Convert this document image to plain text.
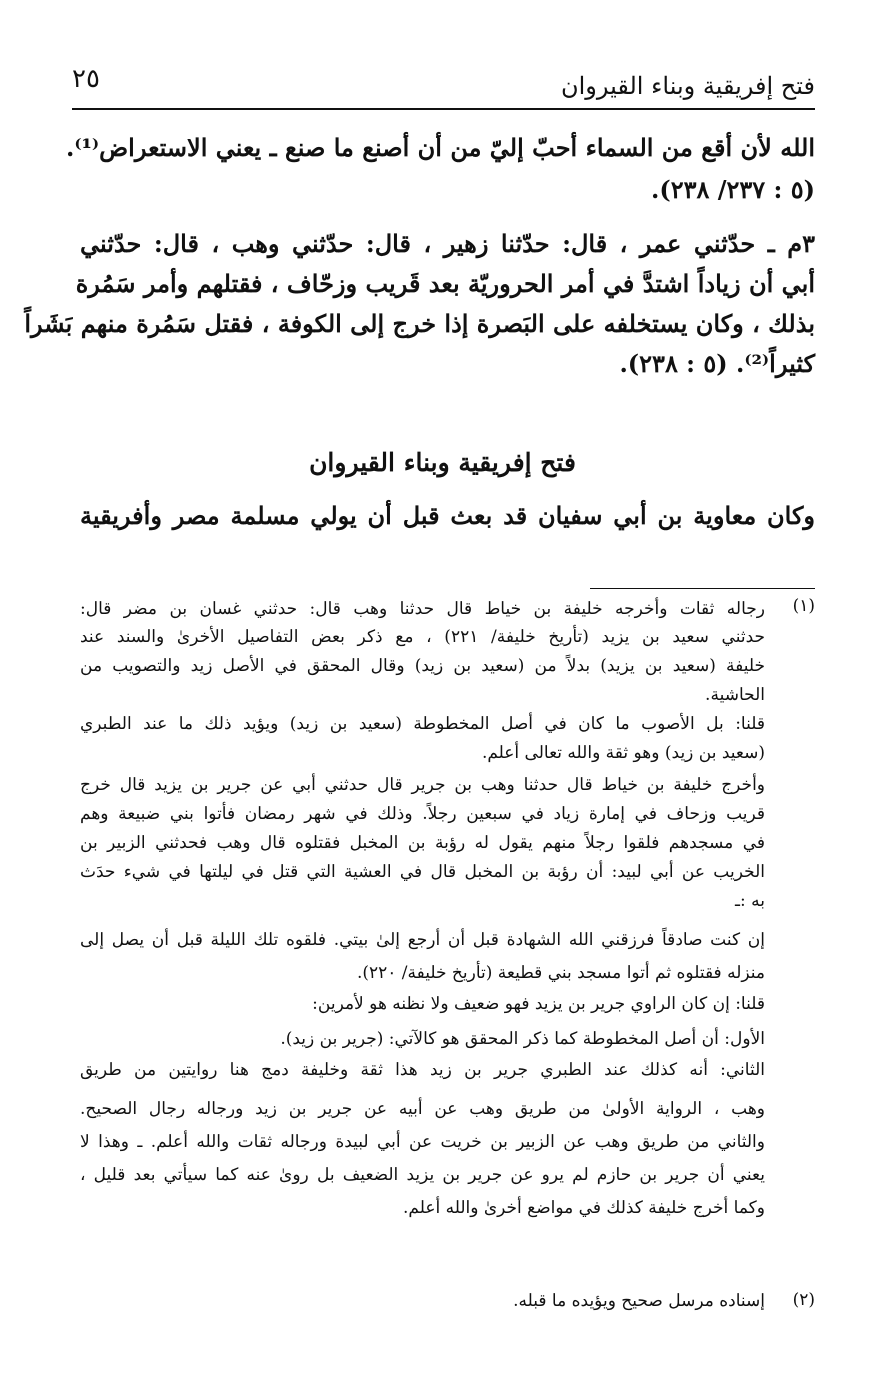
فتح إفريقية وبناء القيروان
٢٥
الله لأن أقع من السماء أحبّ إليّ من أن أصنع ما صنع ـ يعني الاستعراض⁽¹⁾.
(٥ : ٢٣٧/ ٢٣٨).
٣م ـ حدّثني عمر ، قال: حدّثنا زهير ، قال: حدّثني وهب ، قال: حدّثني
أبي أن زياداً اشتدَّ في أمر الحروريّة بعد قَريب وزحّاف ، فقتلهم وأمر سَمُرة
بذلك ، وكان يستخلفه على البَصرة إذا خرج إلى الكوفة ، فقتل سَمُرة منهم بَشَراً
كثيراً⁽²⁾. (٥ : ٢٣٨).
فتح إفريقية وبناء القيروان
وكان معاوية بن أبي سفيان قد بعث قبل أن يولي مسلمة مصر وأفريقية
(١)
رجاله ثقات وأخرجه خليفة بن خياط قال حدثنا وهب قال: حدثني غسان بن مضر قال:
حدثني سعيد بن يزيد (تأريخ خليفة/ ٢٢١) ، مع ذكر بعض التفاصيل الأخرىٰ والسند عند
خليفة (سعيد بن يزيد) بدلاً من (سعيد بن زيد) وقال المحقق في الأصل زيد والتصويب من
الحاشية.
قلنا: بل الأصوب ما كان في أصل المخطوطة (سعيد بن زيد) ويؤيد ذلك ما عند الطبري
(سعيد بن زيد) وهو ثقة والله تعالى أعلم.
وأخرج خليفة بن خياط قال حدثنا وهب بن جرير قال حدثني أبي عن جرير بن يزيد قال خرج
قريب وزحاف في إمارة زياد في سبعين رجلاً. وذلك في شهر رمضان فأتوا بني ضبيعة وهم
في مسجدهم فلقوا رجلاً منهم يقول له رؤبة بن المخبل فقتلوه قال وهب فحدثني الزبير بن
الخريب عن أبي لبيد: أن رؤبة بن المخبل قال في العشية التي قتل في ليلتها في شيء حدَث
به :ـ
إن كنت صادقاً فرزقني الله الشهادة قبل أن أرجع إلىٰ بيتي. فلقوه تلك الليلة قبل أن يصل إلى
منزله فقتلوه ثم أتوا مسجد بني قطيعة (تأريخ خليفة/ ٢٢٠).
قلنا: إن كان الراوي جرير بن يزيد فهو ضعيف ولا نظنه هو لأمرين:
الأول: أن أصل المخطوطة كما ذكر المحقق هو كالآتي: (جرير بن زيد).
الثاني: أنه كذلك عند الطبري جرير بن زيد هذا ثقة وخليفة دمج هنا روايتين من طريق
وهب ، الرواية الأولىٰ من طريق وهب عن أبيه عن جرير بن زيد ورجاله رجال الصحيح.
والثاني من طريق وهب عن الزبير بن خريت عن أبي لبيدة ورجاله ثقات والله أعلم. ـ وهذا لا
يعني أن جرير بن حازم لم يرو عن جرير بن يزيد الضعيف بل روىٰ عنه كما سيأتي بعد قليل ،
وكما أخرج خليفة كذلك في مواضع أخرىٰ والله أعلم.
(٢)
إسناده مرسل صحيح ويؤيده ما قبله.
